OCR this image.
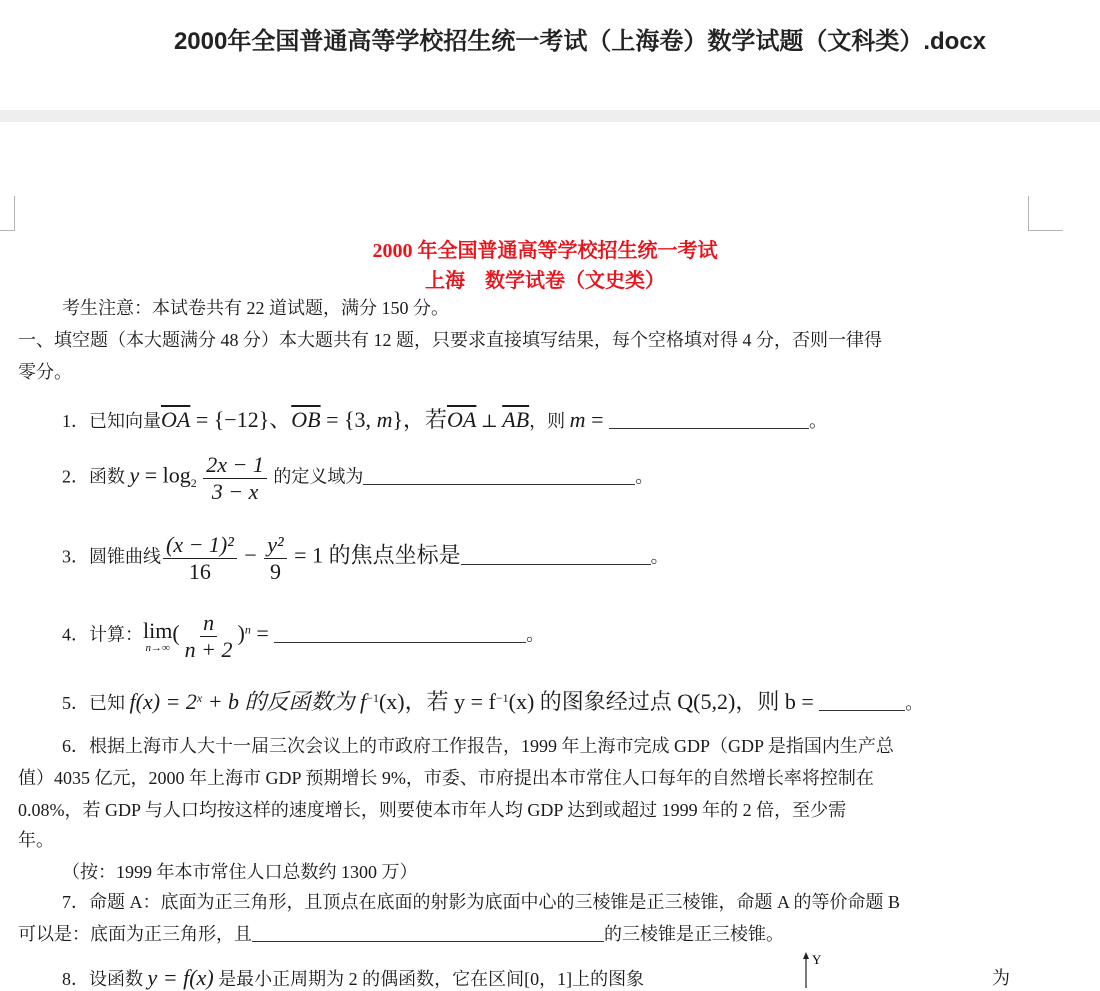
2000年全国普通高等学校招生统一考试（上海卷）数学试题（文科类）.docx
2000 年全国普通高等学校招生统一考试
上海　数学试卷（文史类）
考生注意：本试卷共有 22 道试题，满分 150 分。
一、填空题（本大题满分 48 分）本大题共有 12 题，只要求直接填写结果，每个空格填对得 4 分，否则一律得
零分。
1．已知向量$\overline{OA} = \{-12\}$、$\overline{OB} = \{3$, m}，若$\overline{OA}$ ⊥ $\overline{AB}$，则 m =	。
2．函数 $y = \log_2 \frac{2x - 1}{3 - x}$ 的定义域为	。
3．圆锥曲线 $\frac{\text{(x − 1)²}}{16} - \frac{\text{y²}}{9} = 1$ 的焦点坐标是	。
4．计算： lim
n→∞
( $\frac{n}{n + 2} )^n$ =	。
5．已知 $f(x) = 2^x + b$ 的反函数为 $f^{-1}(x)$，若 $y = f^{-1}(x)$ 的图象经过点 Q(5,2)，则 b =	。
6．根据上海市人大十一届三次会议上的市政府工作报告，1999 年上海市完成 GDP（GDP 是指国内生产总
值）4035 亿元，2000 年上海市 GDP 预期增长 9%，市委、市府提出本市常住人口每年的自然增长率将控制在
0.08%，若 GDP 与人口均按这样的速度增长，则要使本市年人均 GDP 达到或超过 1999 年的 2 倍，至少需
年。
（按：1999 年本市常住人口总数约 1300 万）
7．命题 A：底面为正三角形，且顶点在底面的射影为底面中心的三棱锥是正三棱锥，命题 A 的等价命题 B
可以是：底面为正三角形，且	的三棱锥是正三棱锥。
8．设函数 y = f(x) 是最小正周期为 2 的偶函数，它在区间[0，1]上的图象
Y
为
